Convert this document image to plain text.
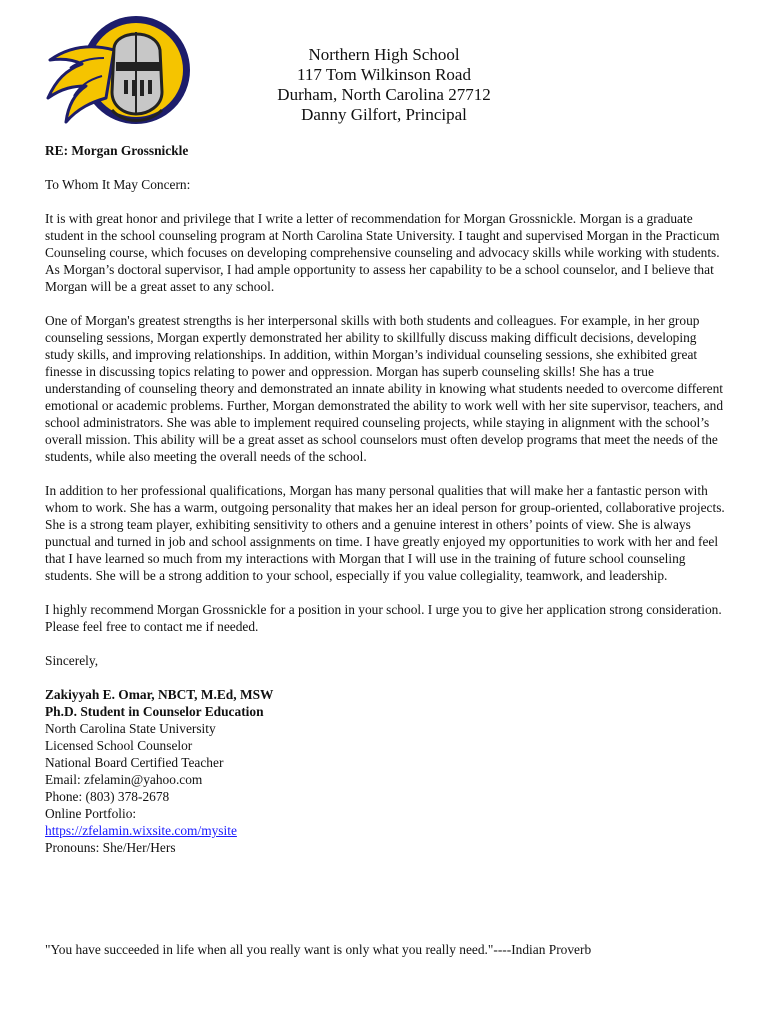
Northern High School
117 Tom Wilkinson Road
Durham, North Carolina 27712
Danny Gilfort, Principal
RE: Morgan Grossnickle

To Whom It May Concern:

It is with great honor and privilege that I write a letter of recommendation for Morgan Grossnickle. Morgan is a graduate student in the school counseling program at North Carolina State University. I taught and supervised Morgan in the Practicum Counseling course, which focuses on developing comprehensive counseling and advocacy skills while working with students. As Morgan’s doctoral supervisor, I had ample opportunity to assess her capability to be a school counselor, and I believe that Morgan will be a great asset to any school.

One of Morgan's greatest strengths is her interpersonal skills with both students and colleagues. For example, in her group counseling sessions, Morgan expertly demonstrated her ability to skillfully discuss making difficult decisions, developing study skills, and improving relationships. In addition, within Morgan’s individual counseling sessions, she exhibited great finesse in discussing topics relating to power and oppression. Morgan has superb counseling skills! She has a true understanding of counseling theory and demonstrated an innate ability in knowing what students needed to overcome different emotional or academic problems. Further, Morgan demonstrated the ability to work well with her site supervisor, teachers, and school administrators. She was able to implement required counseling projects, while staying in alignment with the school’s overall mission. This ability will be a great asset as school counselors must often develop programs that meet the needs of the students, while also meeting the overall needs of the school.

In addition to her professional qualifications, Morgan has many personal qualities that will make her a fantastic person with whom to work. She has a warm, outgoing personality that makes her an ideal person for group-oriented, collaborative projects. She is a strong team player, exhibiting sensitivity to others and a genuine interest in others’ points of view. She is always punctual and turned in job and school assignments on time. I have greatly enjoyed my opportunities to work with her and feel that I have learned so much from my interactions with Morgan that I will use in the training of future school counseling students. She will be a strong addition to your school, especially if you value collegiality, teamwork, and leadership.

I highly recommend Morgan Grossnickle for a position in your school. I urge you to give her application strong consideration. Please feel free to contact me if needed.

Sincerely,

Zakiyyah E. Omar, NBCT, M.Ed, MSW
Ph.D. Student in Counselor Education
North Carolina State University
Licensed School Counselor
National Board Certified Teacher
Email: zfelamin@yahoo.com
Phone: (803) 378-2678
Online Portfolio:
https://zfelamin.wixsite.com/mysite
Pronouns: She/Her/Hers
"You have succeeded in life when all you really want is only what you really need."----Indian Proverb
